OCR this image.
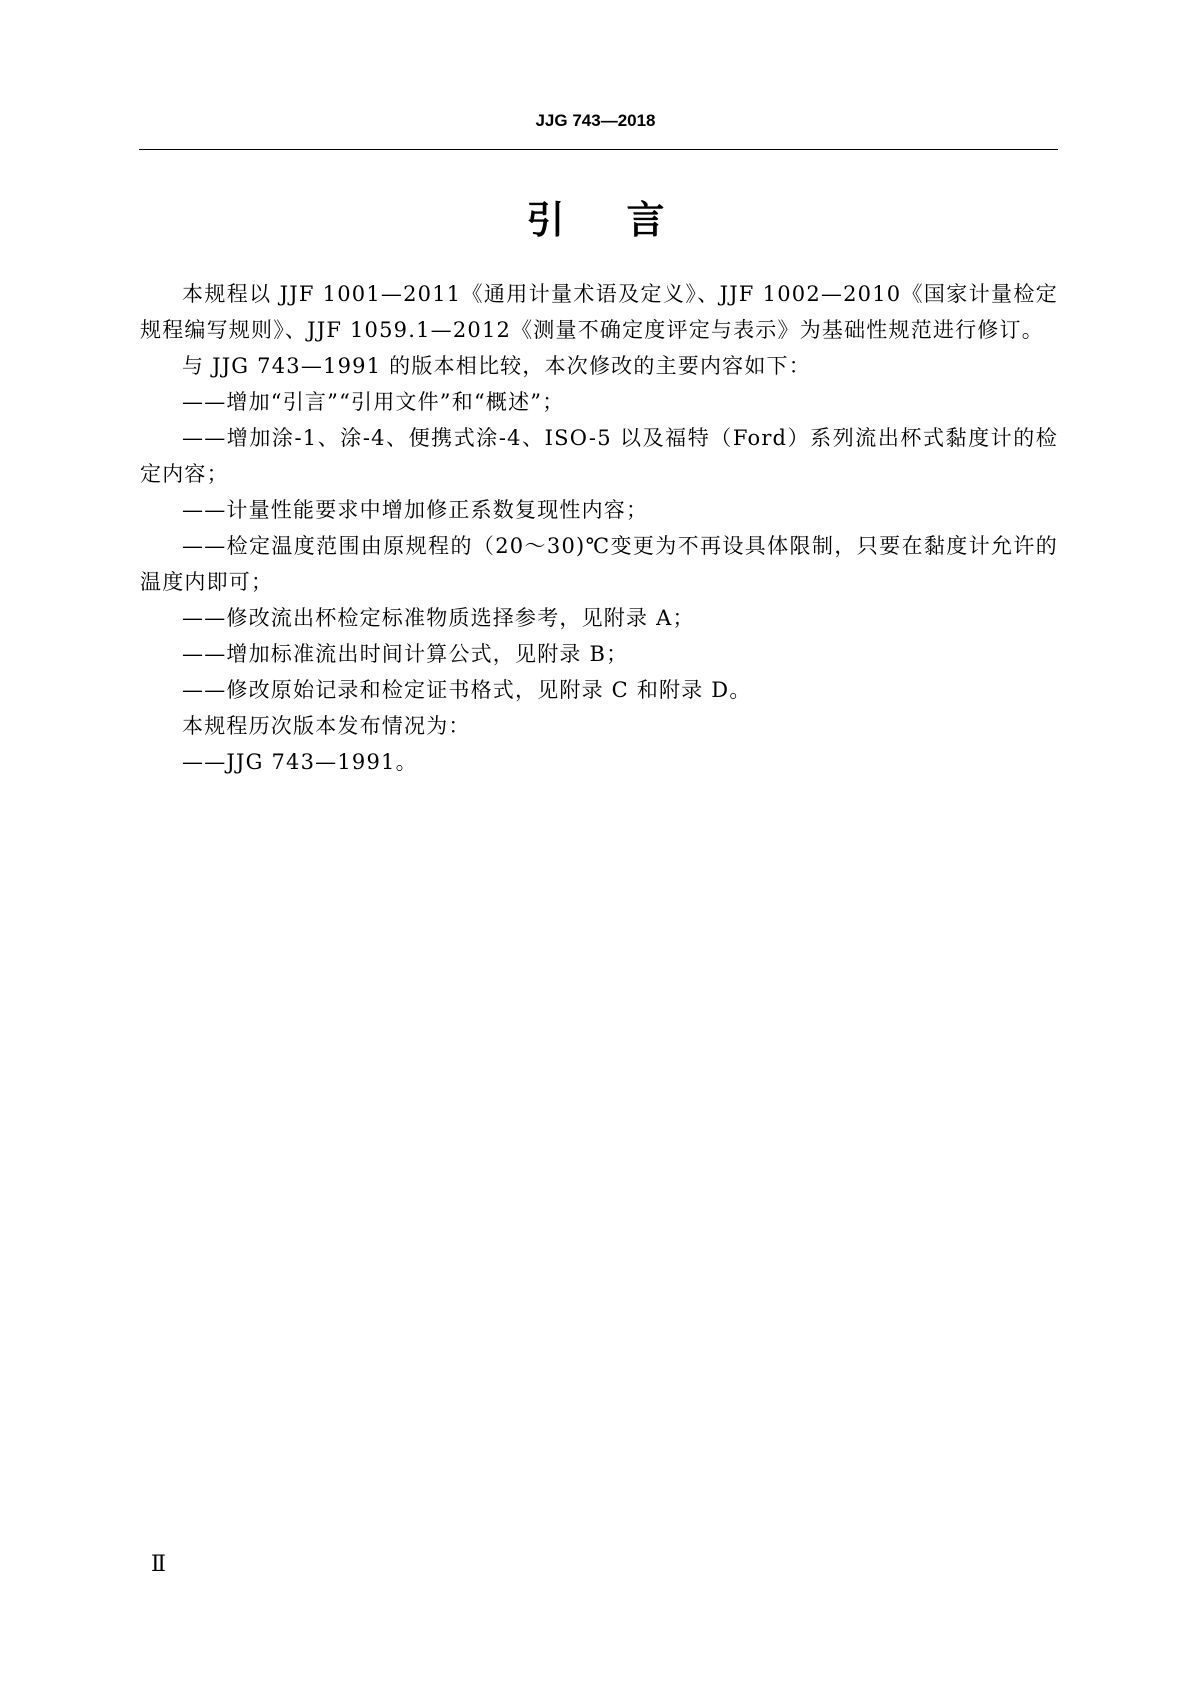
JJG 743—2018
引言

本规程以 JJF 1001—2011《通用计量术语及定义》、JJF 1002—2010《国家计量检定规程编写规则》、JJF 1059.1—2012《测量不确定度评定与表示》为基础性规范进行修订。

与 JJG 743—1991 的版本相比较，本次修改的主要内容如下：

——增加“引言”“引用文件”和“概述”；

——增加涂-1、涂-4、便携式涂-4、ISO-5 以及福特（Ford）系列流出杯式黏度计的检定内容；

——计量性能要求中增加修正系数复现性内容；

——检定温度范围由原规程的（20～30)℃变更为不再设具体限制，只要在黏度计允许的温度内即可；

——修改流出杯检定标准物质选择参考，见附录 A；

——增加标准流出时间计算公式，见附录 B；

——修改原始记录和检定证书格式，见附录 C 和附录 D。

本规程历次版本发布情况为：

——JJG 743—1991。

Ⅱ
